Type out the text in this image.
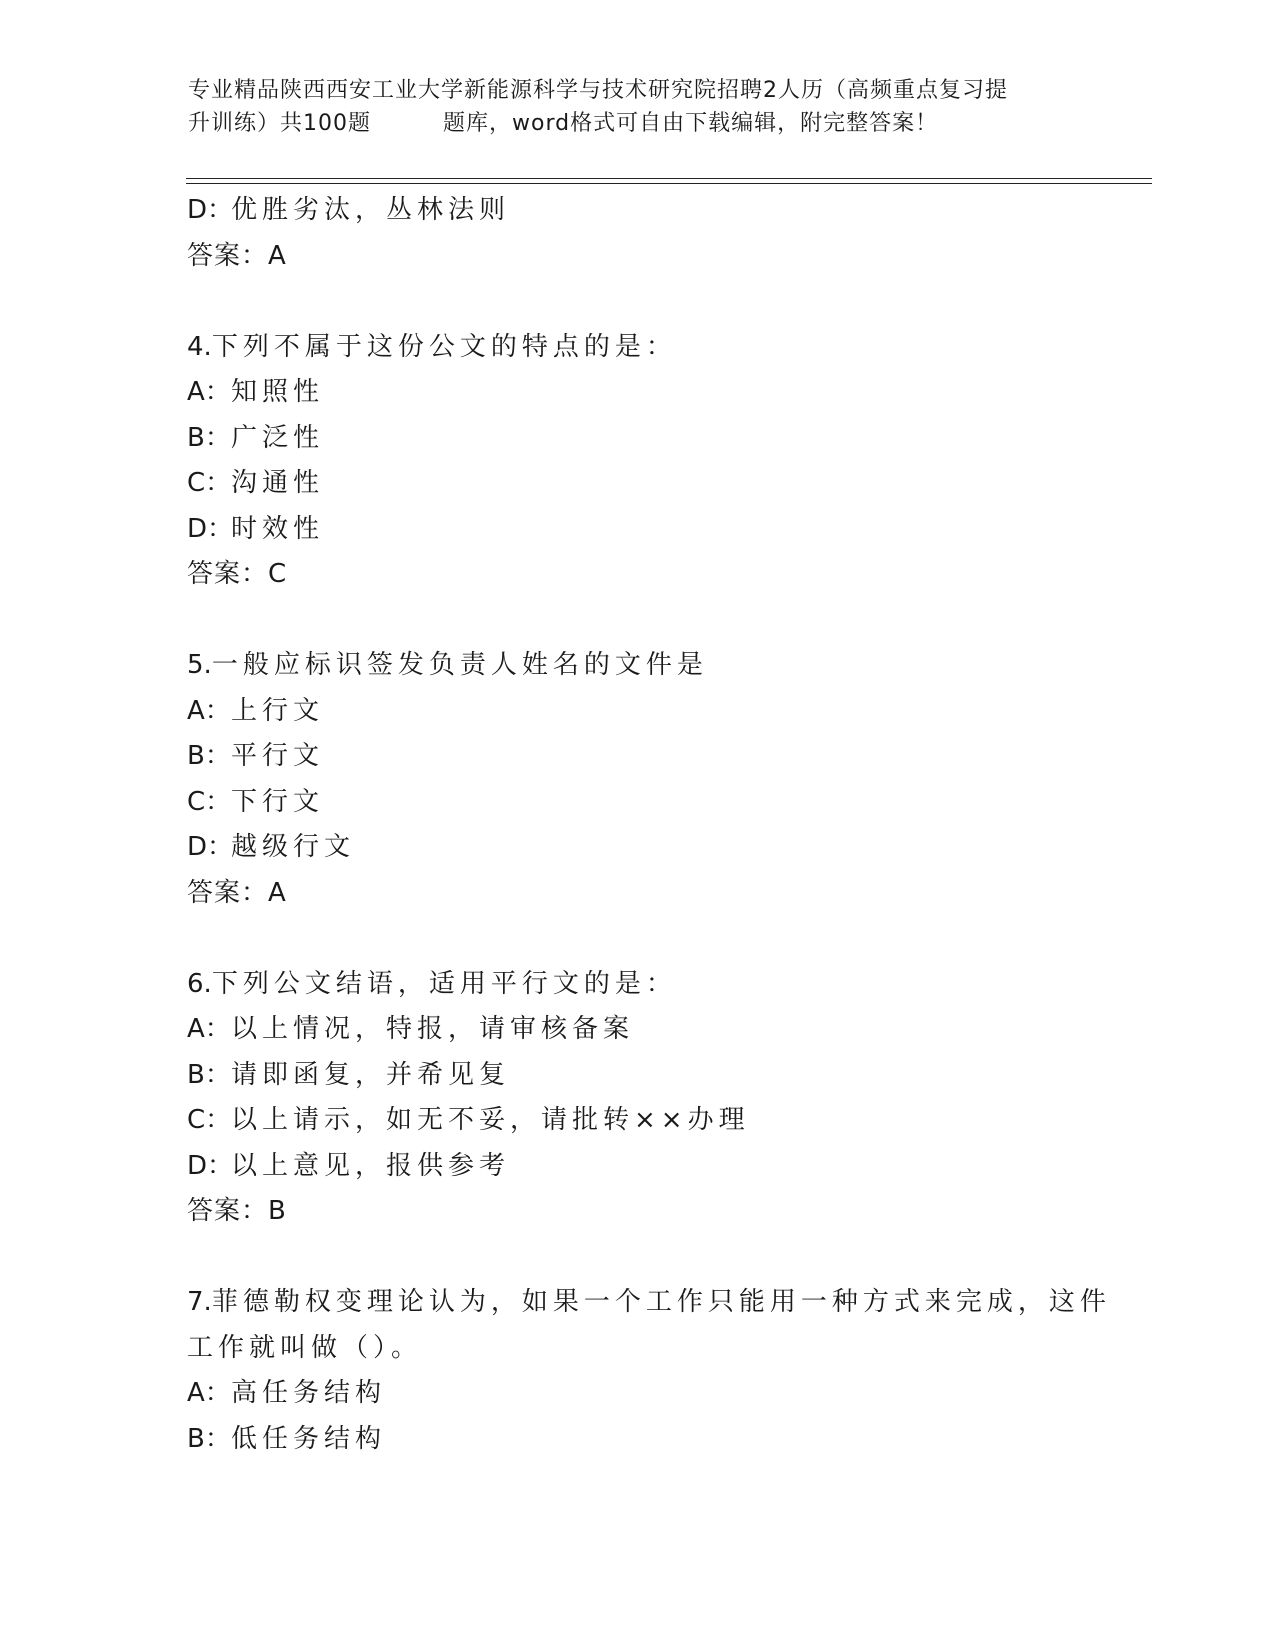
专业精品陕西西安工业大学新能源科学与技术研究院招聘2人历（高频重点复习提
升训练）共100题	题库，word格式可自由下载编辑，附完整答案！
D：优胜劣汰，丛林法则
答案：A
4.下列不属于这份公文的特点的是：
A：知照性
B：广泛性
C：沟通性
D：时效性
答案：C
5.一般应标识签发负责人姓名的文件是
A：上行文
B：平行文
C：下行文
D：越级行文
答案：A
6.下列公文结语，适用平行文的是：
A：以上情况，特报，请审核备案
B：请即函复，并希见复
C：以上请示，如无不妥，请批转××办理
D：以上意见，报供参考
答案：B
7.菲德勒权变理论认为，如果一个工作只能用一种方式来完成，这件
工作就叫做（）。
A：高任务结构
B：低任务结构
